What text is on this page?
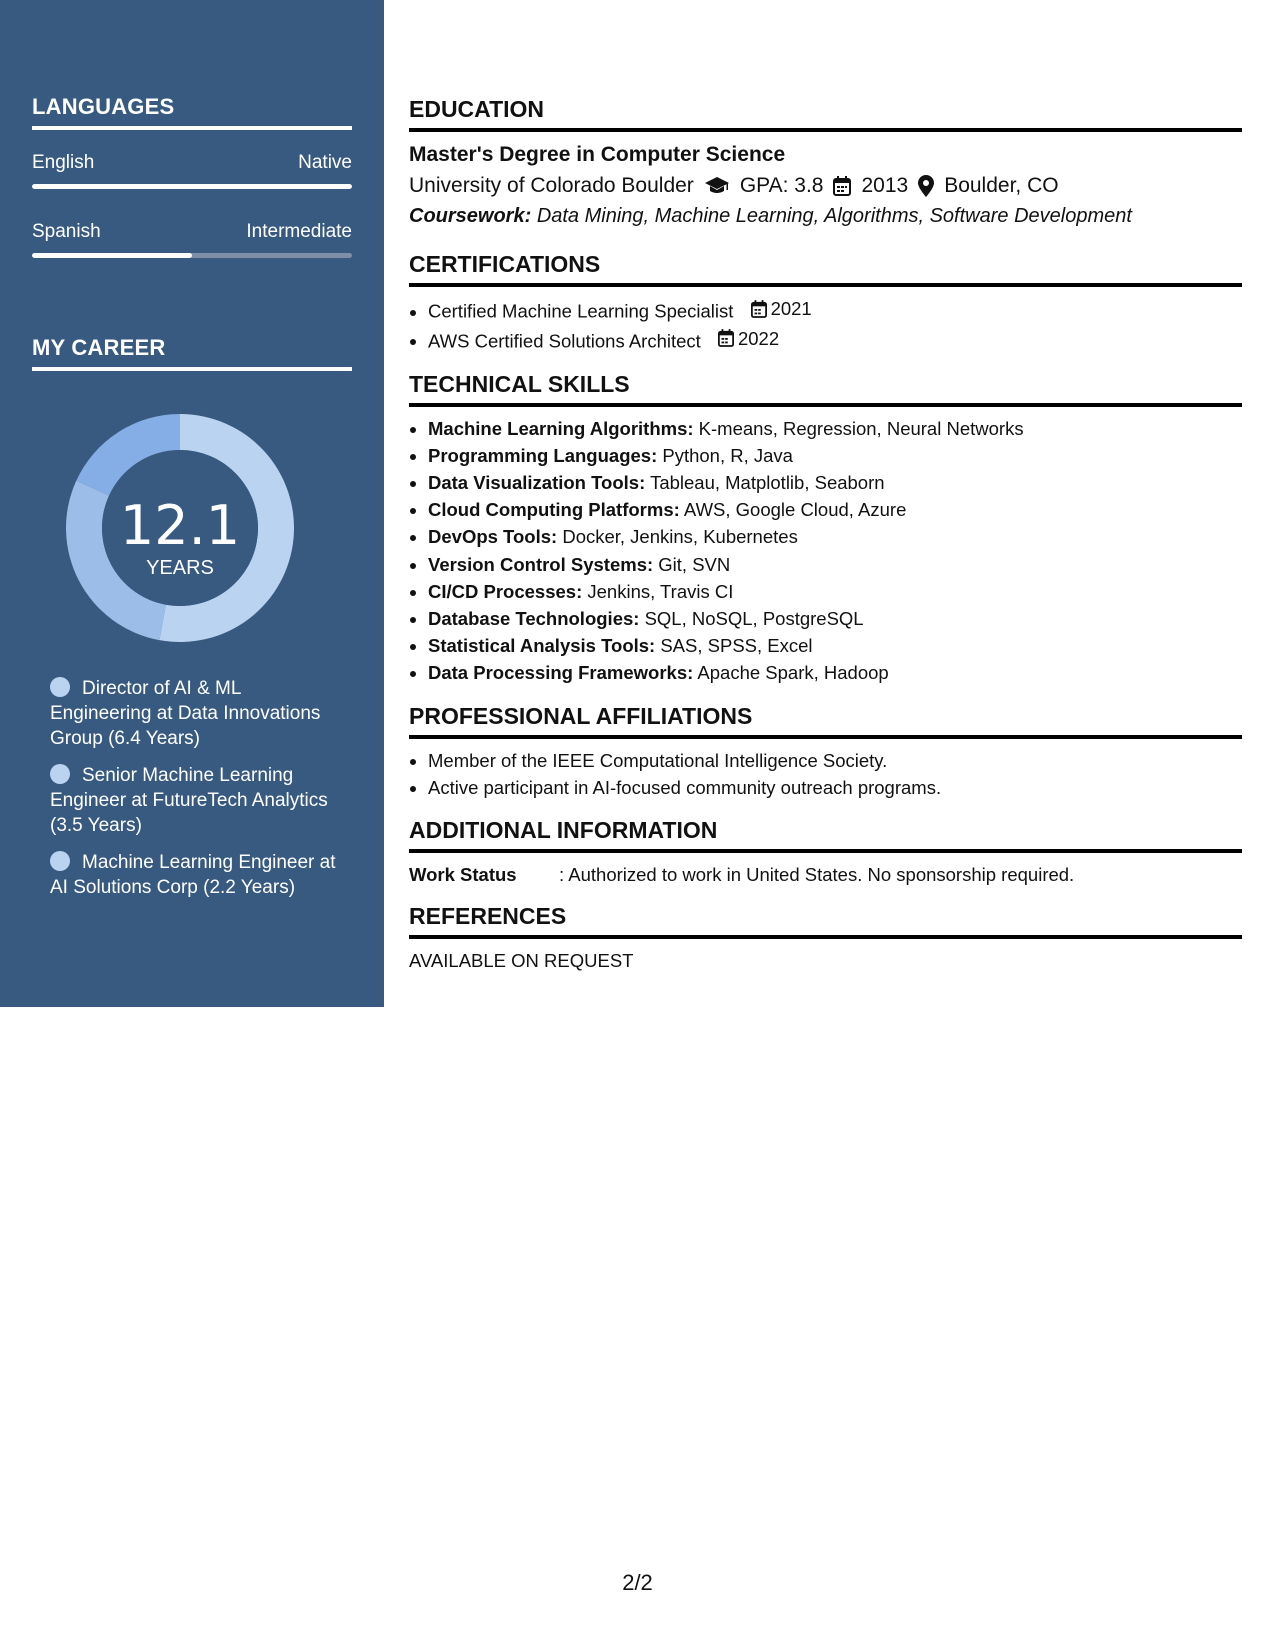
LANGUAGES
English	Native
Spanish	Intermediate
MY CAREER
12.1
YEARS
Director of AI & ML Engineering at Data Innovations Group (6.4 Years)
Senior Machine Learning Engineer at FutureTech Analytics (3.5 Years)
Machine Learning Engineer at AI Solutions Corp (2.2 Years)
EDUCATION
Master's Degree in Computer Science
University of Colorado Boulder GPA: 3.8 2013 Boulder, CO
Coursework: Data Mining, Machine Learning, Algorithms, Software Development
CERTIFICATIONS
• Certified Machine Learning Specialist 2021
• AWS Certified Solutions Architect 2022
TECHNICAL SKILLS
• Machine Learning Algorithms: K-means, Regression, Neural Networks
• Programming Languages: Python, R, Java
• Data Visualization Tools: Tableau, Matplotlib, Seaborn
• Cloud Computing Platforms: AWS, Google Cloud, Azure
• DevOps Tools: Docker, Jenkins, Kubernetes
• Version Control Systems: Git, SVN
• CI/CD Processes: Jenkins, Travis CI
• Database Technologies: SQL, NoSQL, PostgreSQL
• Statistical Analysis Tools: SAS, SPSS, Excel
• Data Processing Frameworks: Apache Spark, Hadoop
PROFESSIONAL AFFILIATIONS
• Member of the IEEE Computational Intelligence Society.
• Active participant in AI-focused community outreach programs.
ADDITIONAL INFORMATION
Work Status	: Authorized to work in United States. No sponsorship required.
REFERENCES
AVAILABLE ON REQUEST
2/2
